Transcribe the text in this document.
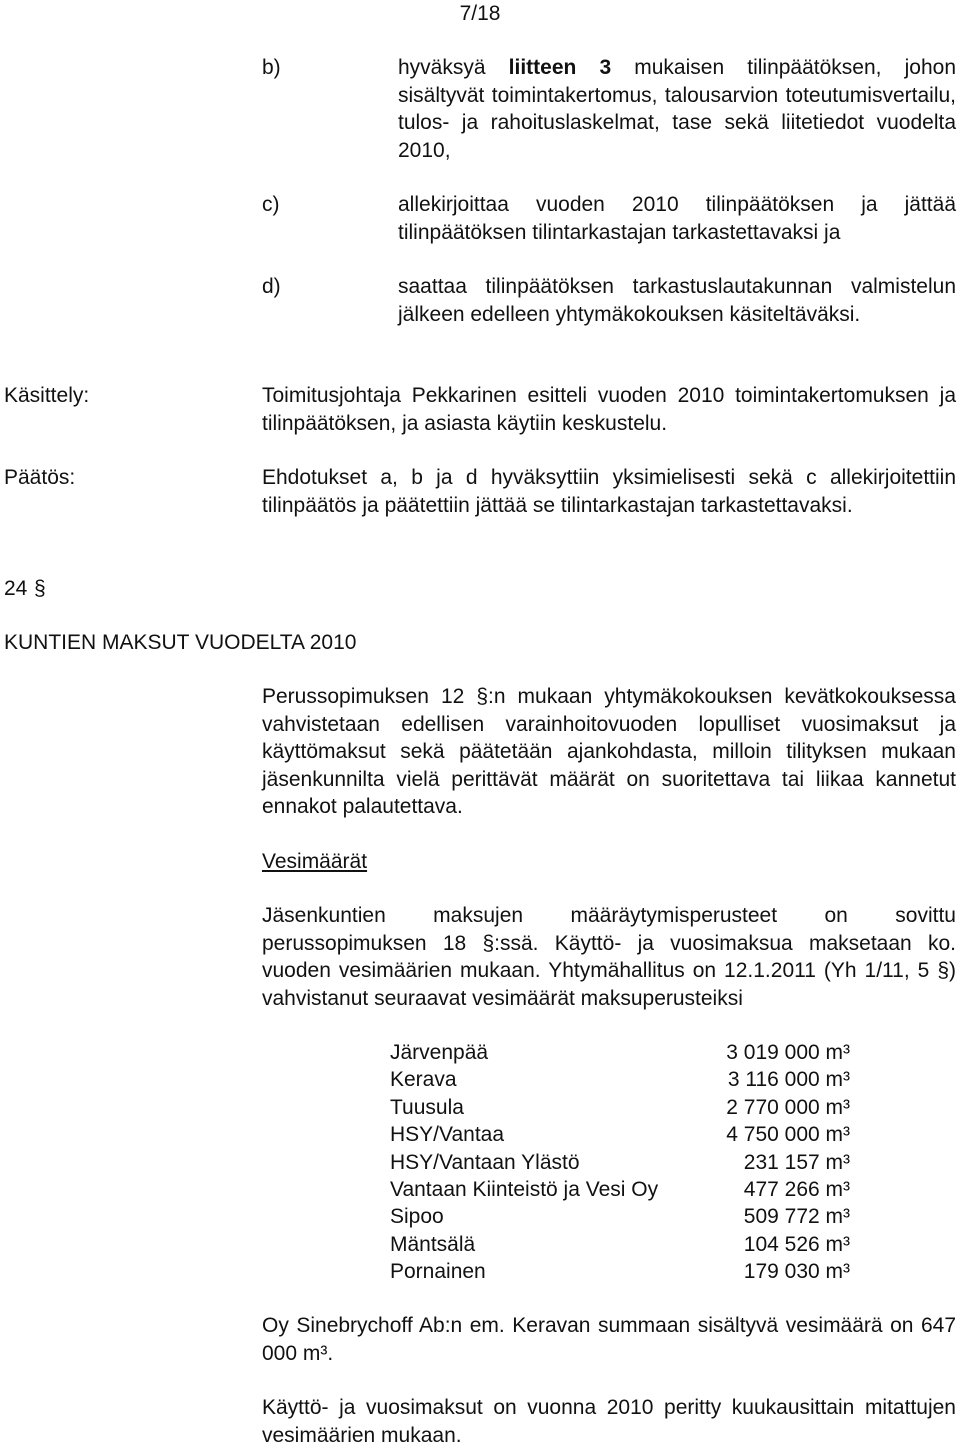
7/18
b)	hyväksyä liitteen 3 mukaisen tilinpäätöksen, johon sisältyvät toimintakertomus, talousarvion toteutumisvertailu, tulos- ja rahoituslaskelmat, tase sekä liitetiedot vuodelta 2010,
c)	allekirjoittaa vuoden 2010 tilinpäätöksen ja jättää tilinpäätöksen tilintarkastajan tarkastettavaksi ja
d)	saattaa tilinpäätöksen tarkastuslautakunnan valmistelun jälkeen edelleen yhtymäkokouksen käsiteltäväksi.
Käsittely:	Toimitusjohtaja Pekkarinen esitteli vuoden 2010 toimintakertomuksen ja tilinpäätöksen, ja asiasta käytiin keskustelu.
Päätös:	Ehdotukset a, b ja d hyväksyttiin yksimielisesti sekä c allekirjoitettiin tilinpäätös ja päätettiin jättää se tilintarkastajan tarkastettavaksi.
24 §
KUNTIEN MAKSUT VUODELTA 2010
Perussopimuksen 12 §:n mukaan yhtymäkokouksen kevätkokouksessa vahvistetaan edellisen varainhoitovuoden lopulliset vuosimaksut ja käyttömaksut sekä päätetään ajankohdasta, milloin tilityksen mukaan jäsenkunnilta vielä perittävät määrät on suoritettava tai liikaa kannetut ennakot palautettava.
Vesimäärät
Jäsenkuntien maksujen määräytymisperusteet on sovittu perussopimuksen 18 §:ssä. Käyttö- ja vuosimaksua maksetaan ko. vuoden vesimäärien mukaan. Yhtymähallitus on 12.1.2011 (Yh 1/11, 5 §) vahvistanut seuraavat vesimäärät maksuperusteiksi
Järvenpää	3 019 000 m³
Kerava	3 116 000 m³
Tuusula	2 770 000 m³
HSY/Vantaa	4 750 000 m³
HSY/Vantaan Ylästö	231 157 m³
Vantaan Kiinteistö ja Vesi Oy	477 266 m³
Sipoo	509 772 m³
Mäntsälä	104 526 m³
Pornainen	179 030 m³
Oy Sinebrychoff Ab:n em. Keravan summaan sisältyvä vesimäärä on 647 000 m³.
Käyttö- ja vuosimaksut on vuonna 2010 peritty kuukausittain mitattujen vesimäärien mukaan.
